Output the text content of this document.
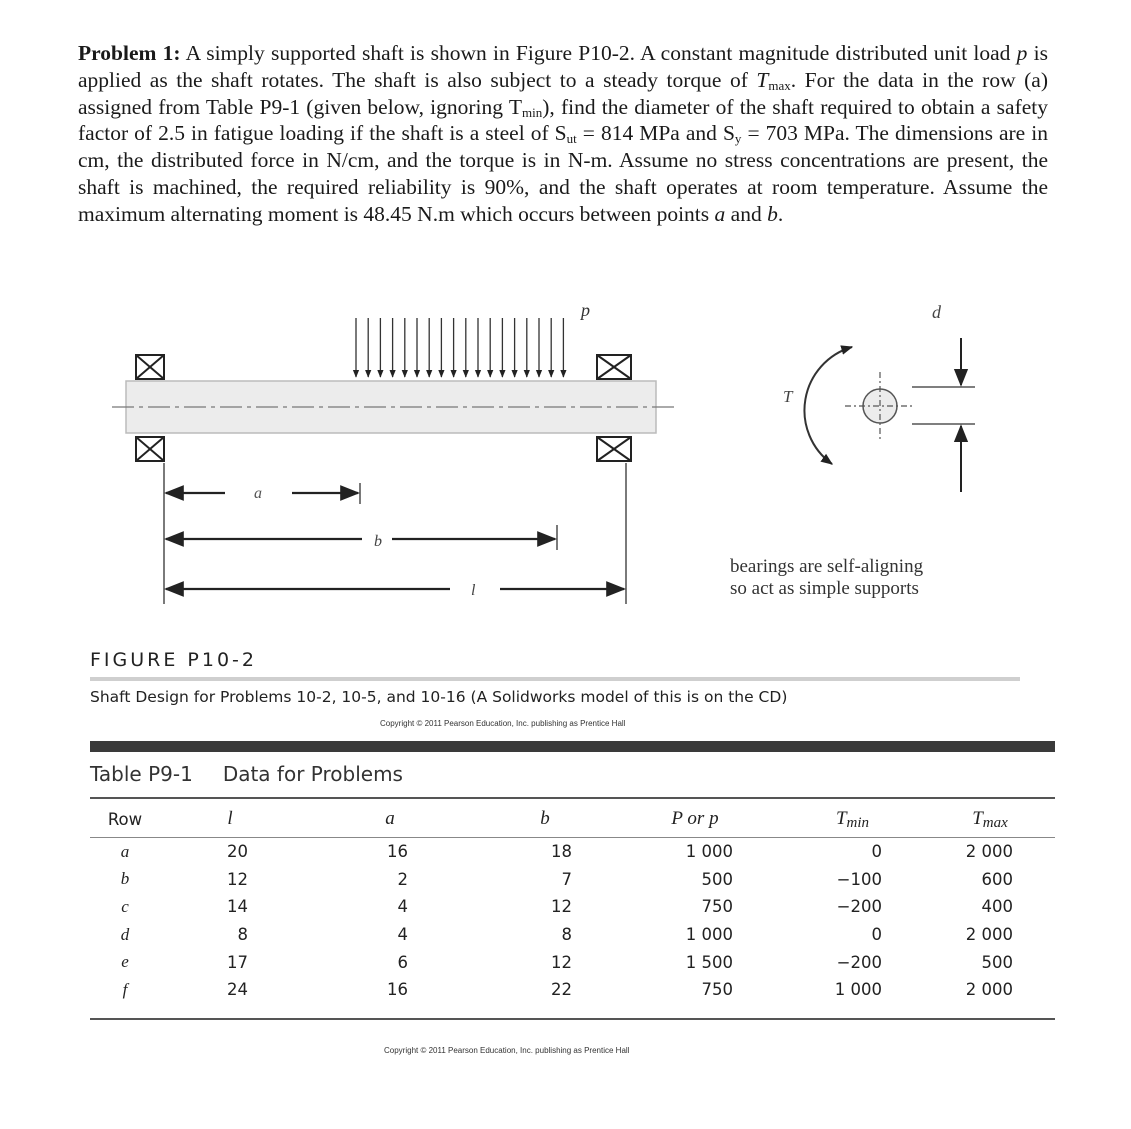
Problem 1: A simply supported shaft is shown in Figure P10-2. A constant magnitude distributed unit load p is applied as the shaft rotates. The shaft is also subject to a steady torque of $T_{max}$. For the data in the row (a) assigned from Table P9-1 (given below, ignoring $T_{min}$), find the diameter of the shaft required to obtain a safety factor of 2.5 in fatigue loading if the shaft is a steel of $S_{ut} = 814$ MPa and $S_y = 703$ MPa. The dimensions are in cm, the distributed force in N/cm, and the torque is in N-m. Assume no stress concentrations are present, the shaft is machined, the required reliability is 90%, and the shaft operates at room temperature. Assume the maximum alternating moment is 48.45 N.m which occurs between points a and b.
p
a
b
l
T
d
bearings are self-aligning
so act as simple supports
FIGURE P10-2
Shaft Design for Problems 10-2, 10-5, and 10-16 (A Solidworks model of this is on the CD)
Copyright © 2011 Pearson Education, Inc. publishing as Prentice Hall
Table P9-1 Data for Problems
Row	l	a	b	P or p	$T_{min}$	$T_{max}$
a	20	16	18	1 000	0	2 000
b	12	2	7	500	−100	600
c	14	4	12	750	−200	400
d	8	4	8	1 000	0	2 000
e	17	6	12	1 500	−200	500
f	24	16	22	750	1 000	2 000
Copyright © 2011 Pearson Education, Inc. publishing as Prentice Hall
